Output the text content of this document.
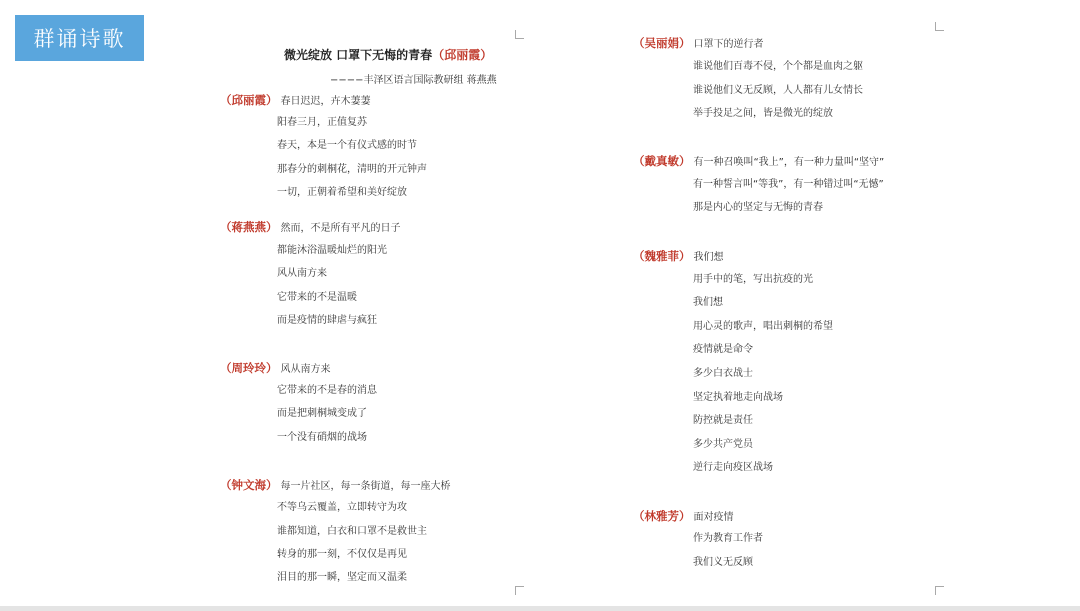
群诵诗歌
微光绽放 口罩下无悔的青春（邱丽霞）
−−−−丰泽区语言国际教研组 蒋燕燕
（邱丽霞） 春日迟迟，卉木萋萋
阳春三月，正值复苏
春天，本是一个有仪式感的时节
那春分的刺桐花，清明的开元钟声
一切，正朝着希望和美好绽放
（蒋燕燕） 然而，不是所有平凡的日子
都能沐浴温暖灿烂的阳光
风从南方来
它带来的不是温暖
而是疫情的肆虐与疯狂
（周玲玲） 风从南方来
它带来的不是春的消息
而是把刺桐城变成了
一个没有硝烟的战场
（钟文海） 每一片社区，每一条街道，每一座大桥
不等乌云覆盖，立即转守为攻
谁都知道，白衣和口罩不是救世主
转身的那一刻，不仅仅是再见
泪目的那一瞬，坚定而又温柔
（吴丽娟） 口罩下的逆行者
谁说他们百毒不侵，个个都是血肉之躯
谁说他们义无反顾，人人都有儿女情长
举手投足之间，皆是微光的绽放
（戴真敏） 有一种召唤叫“我上”，有一种力量叫“坚守”
有一种誓言叫“等我”，有一种错过叫“无憾”
那是内心的坚定与无悔的青春
（魏雅菲） 我们想
用手中的笔，写出抗疫的光
我们想
用心灵的歌声，唱出刺桐的希望
疫情就是命令
多少白衣战士
坚定执着地走向战场
防控就是责任
多少共产党员
逆行走向疫区战场
（林雅芳） 面对疫情
作为教育工作者
我们义无反顾
